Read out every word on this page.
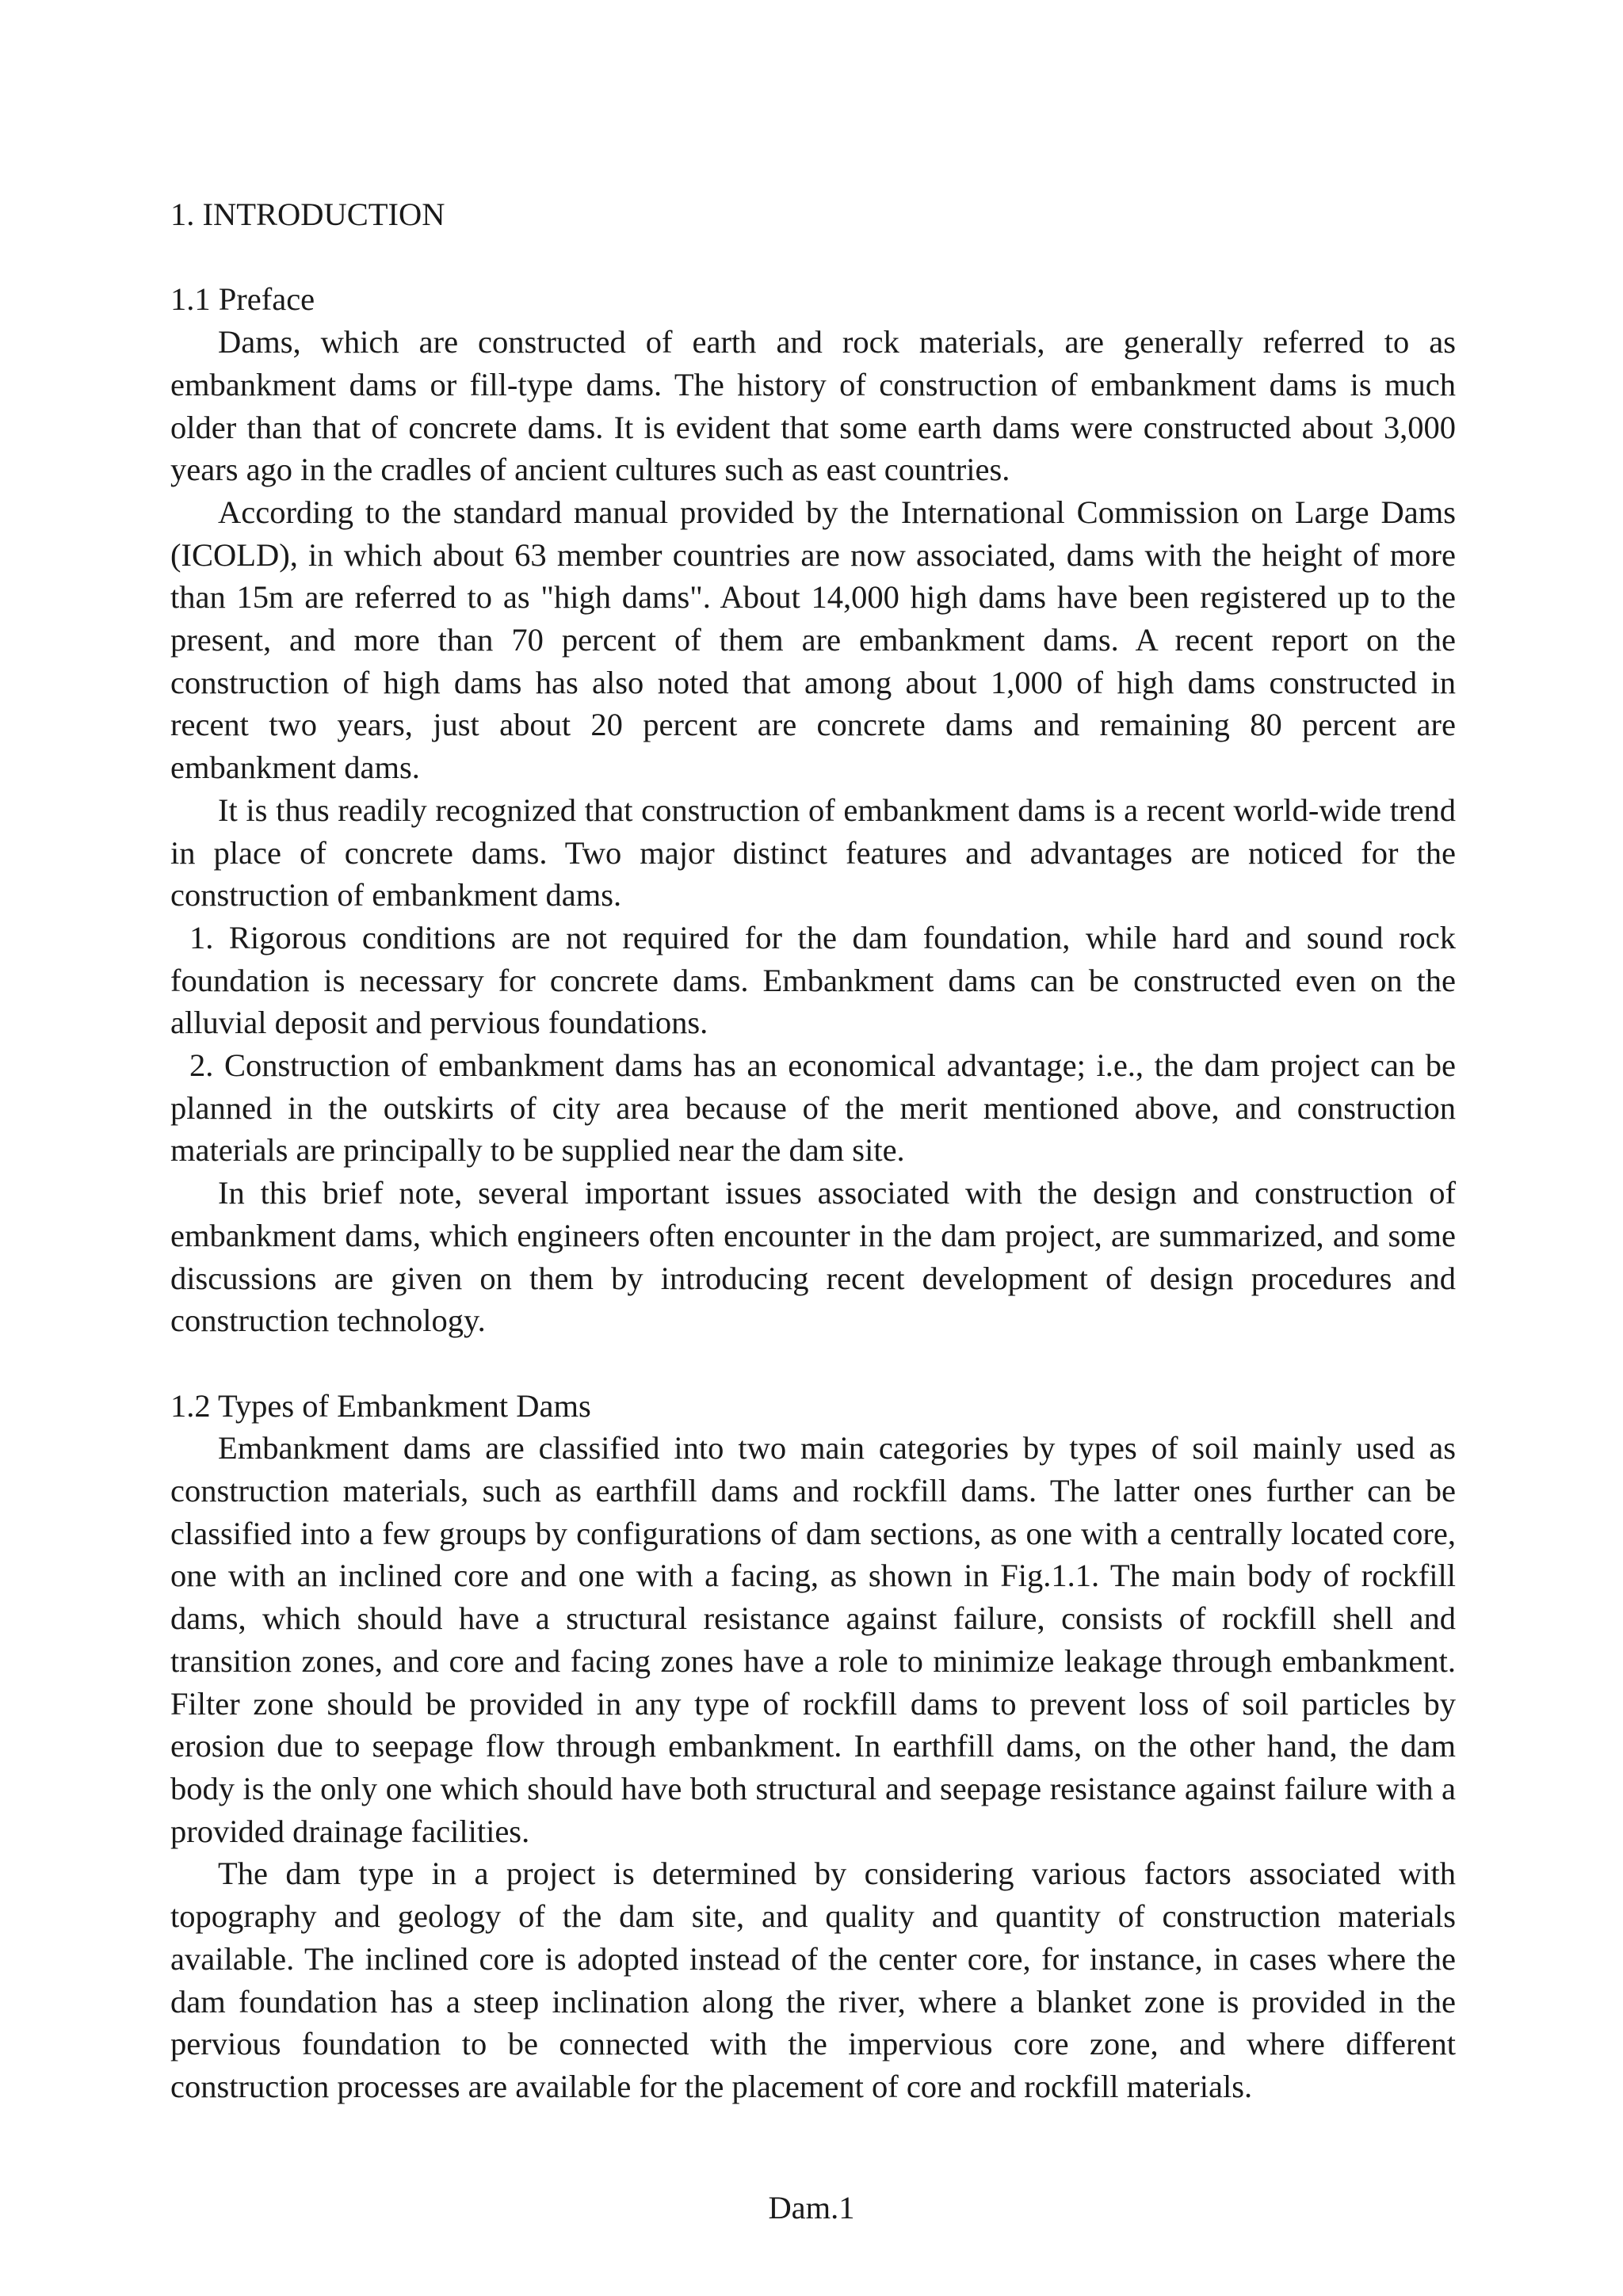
1. INTRODUCTION
1.1 Preface

Dams, which are constructed of earth and rock materials, are generally referred to as embankment dams or fill-type dams. The history of construction of embankment dams is much older than that of concrete dams. It is evident that some earth dams were constructed about 3,000 years ago in the cradles of ancient cultures such as east countries.

According to the standard manual provided by the International Commission on Large Dams (ICOLD), in which about 63 member countries are now associated, dams with the height of more than 15m are referred to as "high dams". About 14,000 high dams have been registered up to the present, and more than 70 percent of them are embankment dams. A recent report on the construction of high dams has also noted that among about 1,000 of high dams constructed in recent two years, just about 20 percent are concrete dams and remaining 80 percent are embankment dams.

It is thus readily recognized that construction of embankment dams is a recent world-wide trend in place of concrete dams. Two major distinct features and advantages are noticed for the construction of embankment dams.

1. Rigorous conditions are not required for the dam foundation, while hard and sound rock foundation is necessary for concrete dams. Embankment dams can be constructed even on the alluvial deposit and pervious foundations.

2. Construction of embankment dams has an economical advantage; i.e., the dam project can be planned in the outskirts of city area because of the merit mentioned above, and construction materials are principally to be supplied near the dam site.

In this brief note, several important issues associated with the design and construction of embankment dams, which engineers often encounter in the dam project, are summarized, and some discussions are given on them by introducing recent development of design procedures and construction technology.

1.2 Types of Embankment Dams

Embankment dams are classified into two main categories by types of soil mainly used as construction materials, such as earthfill dams and rockfill dams. The latter ones further can be classified into a few groups by configurations of dam sections, as one with a centrally located core, one with an inclined core and one with a facing, as shown in Fig.1.1. The main body of rockfill dams, which should have a structural resistance against failure, consists of rockfill shell and transition zones, and core and facing zones have a role to minimize leakage through embankment. Filter zone should be provided in any type of rockfill dams to prevent loss of soil particles by erosion due to seepage flow through embankment. In earthfill dams, on the other hand, the dam body is the only one which should have both structural and seepage resistance against failure with a provided drainage facilities.

The dam type in a project is determined by considering various factors associated with topography and geology of the dam site, and quality and quantity of construction materials available. The inclined core is adopted instead of the center core, for instance, in cases where the dam foundation has a steep inclination along the river, where a blanket zone is provided in the pervious foundation to be connected with the impervious core zone, and where different construction processes are available for the placement of core and rockfill materials.

Dam.1
